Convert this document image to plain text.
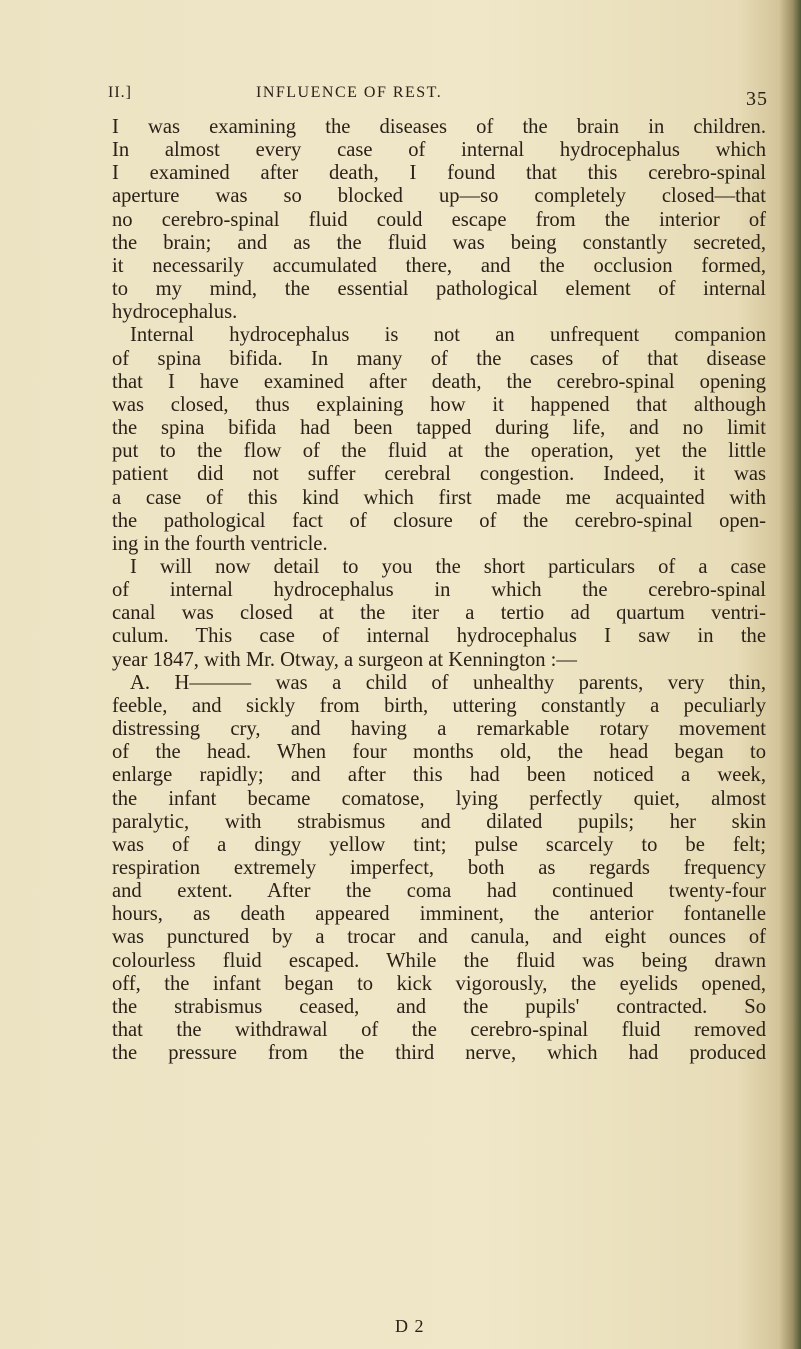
II.]	INFLUENCE OF REST.	35
I was examining the diseases of the brain in children.
In almost every case of internal hydrocephalus which
I examined after death, I found that this cerebro-spinal
aperture was so blocked up—so completely closed—that
no cerebro-spinal fluid could escape from the interior of
the brain; and as the fluid was being constantly secreted,
it necessarily accumulated there, and the occlusion formed,
to my mind, the essential pathological element of internal
hydrocephalus.
Internal hydrocephalus is not an unfrequent companion
of spina bifida. In many of the cases of that disease
that I have examined after death, the cerebro-spinal opening
was closed, thus explaining how it happened that although
the spina bifida had been tapped during life, and no limit
put to the flow of the fluid at the operation, yet the little
patient did not suffer cerebral congestion. Indeed, it was
a case of this kind which first made me acquainted with
the pathological fact of closure of the cerebro-spinal open-
ing in the fourth ventricle.
I will now detail to you the short particulars of a case
of internal hydrocephalus in which the cerebro-spinal
canal was closed at the iter a tertio ad quartum ventri-
culum. This case of internal hydrocephalus I saw in the
year 1847, with Mr. Otway, a surgeon at Kennington :—
A. H——— was a child of unhealthy parents, very thin,
feeble, and sickly from birth, uttering constantly a peculiarly
distressing cry, and having a remarkable rotary movement
of the head. When four months old, the head began to
enlarge rapidly; and after this had been noticed a week,
the infant became comatose, lying perfectly quiet, almost
paralytic, with strabismus and dilated pupils; her skin
was of a dingy yellow tint; pulse scarcely to be felt;
respiration extremely imperfect, both as regards frequency
and extent. After the coma had continued twenty-four
hours, as death appeared imminent, the anterior fontanelle
was punctured by a trocar and canula, and eight ounces of
colourless fluid escaped. While the fluid was being drawn
off, the infant began to kick vigorously, the eyelids opened,
the strabismus ceased, and the pupils' contracted. So
that the withdrawal of the cerebro-spinal fluid removed
the pressure from the third nerve, which had produced
D 2
